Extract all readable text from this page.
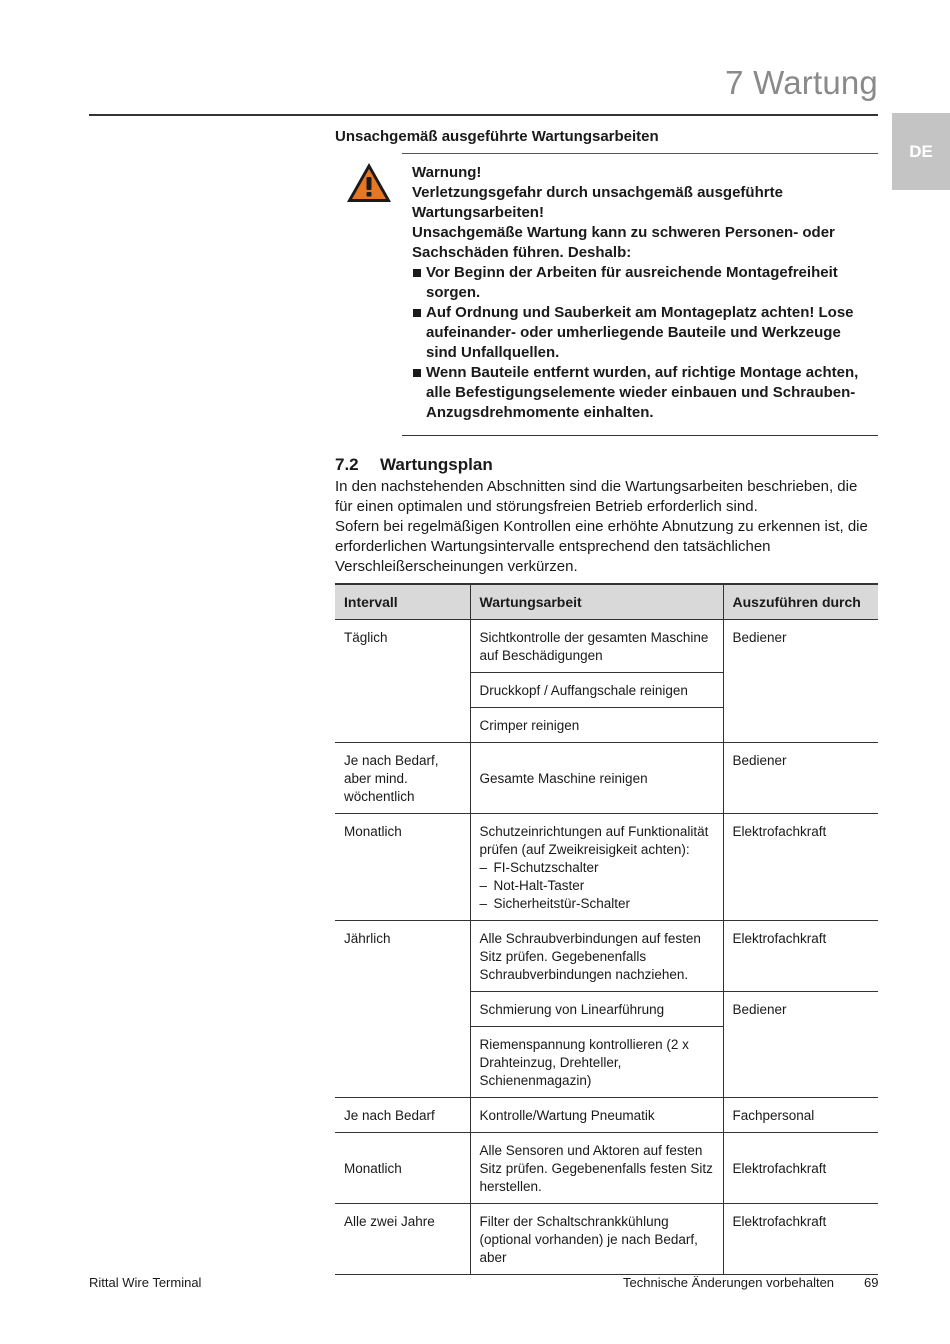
7 Wartung
DE
Unsachgemäß ausgeführte Wartungsarbeiten

Warnung!

Verletzungsgefahr durch unsachgemäß ausgeführte Wartungsarbeiten!

Unsachgemäße Wartung kann zu schweren Personen- oder Sachschäden führen. Deshalb:

Vor Beginn der Arbeiten für ausreichende Montagefreiheit sorgen.
Auf Ordnung und Sauberkeit am Montageplatz achten! Lose aufeinander- oder umherliegende Bauteile und Werkzeuge sind Unfallquellen.
Wenn Bauteile entfernt wurden, auf richtige Montage achten, alle Befestigungselemente wieder einbauen und Schrauben-Anzugsdrehmomente einhalten.
7.2 Wartungsplan

In den nachstehenden Abschnitten sind die Wartungsarbeiten beschrieben, die für einen optimalen und störungsfreien Betrieb erforderlich sind.

Sofern bei regelmäßigen Kontrollen eine erhöhte Abnutzung zu erkennen ist, die erforderlichen Wartungsintervalle entsprechend den tatsächlichen Verschleißerscheinungen verkürzen.

Intervall	Wartungsarbeit	Auszuführen durch
Täglich	Sichtkontrolle der gesamten Maschine auf Beschädigungen	Bediener
	Druckkopf / Auffangschale reinigen	
	Crimper reinigen	
Je nach Bedarf, aber mind. wöchentlich	Gesamte Maschine reinigen	Bediener
Monatlich	Schutzeinrichtungen auf Funktionalität prüfen (auf Zweikreisigkeit achten):
– FI-Schutzschalter
– Not-Halt-Taster
– Sicherheitstür-Schalter	Elektrofachkraft
Jährlich	Alle Schraubverbindungen auf festen Sitz prüfen. Gegebenenfalls Schraubverbindungen nachziehen.	Elektrofachkraft
	Schmierung von Linearführung	Bediener
	Riemenspannung kontrollieren (2 x Drahteinzug, Drehteller, Schienenmagazin)	
Je nach Bedarf	Kontrolle/Wartung Pneumatik	Fachpersonal
Monatlich	Alle Sensoren und Aktoren auf festen Sitz prüfen. Gegebenenfalls festen Sitz herstellen.	Elektrofachkraft
Alle zwei Jahre	Filter der Schaltschrankkühlung (optional vorhanden) je nach Bedarf, aber	Elektrofachkraft
Rittal Wire Terminal	Technische Änderungen vorbehalten 69
